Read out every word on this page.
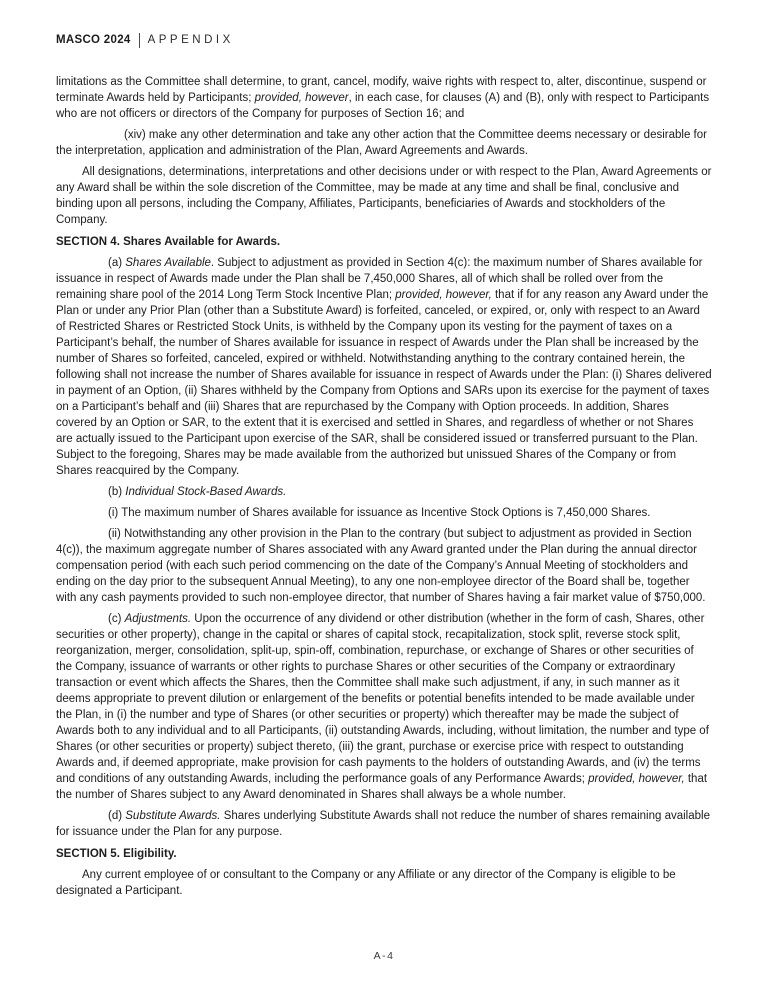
MASCO 2024 APPENDIX

limitations as the Committee shall determine, to grant, cancel, modify, waive rights with respect to, alter, discontinue, suspend or terminate Awards held by Participants; provided, however, in each case, for clauses (A) and (B), only with respect to Participants who are not officers or directors of the Company for purposes of Section 16; and

(xiv) make any other determination and take any other action that the Committee deems necessary or desirable for the interpretation, application and administration of the Plan, Award Agreements and Awards.

All designations, determinations, interpretations and other decisions under or with respect to the Plan, Award Agreements or any Award shall be within the sole discretion of the Committee, may be made at any time and shall be final, conclusive and binding upon all persons, including the Company, Affiliates, Participants, beneficiaries of Awards and stockholders of the Company.

SECTION 4. Shares Available for Awards.

(a) Shares Available. Subject to adjustment as provided in Section 4(c): the maximum number of Shares available for issuance in respect of Awards made under the Plan shall be 7,450,000 Shares, all of which shall be rolled over from the remaining share pool of the 2014 Long Term Stock Incentive Plan; provided, however, that if for any reason any Award under the Plan or under any Prior Plan (other than a Substitute Award) is forfeited, canceled, or expired, or, only with respect to an Award of Restricted Shares or Restricted Stock Units, is withheld by the Company upon its vesting for the payment of taxes on a Participant’s behalf, the number of Shares available for issuance in respect of Awards under the Plan shall be increased by the number of Shares so forfeited, canceled, expired or withheld. Notwithstanding anything to the contrary contained herein, the following shall not increase the number of Shares available for issuance in respect of Awards under the Plan: (i) Shares delivered in payment of an Option, (ii) Shares withheld by the Company from Options and SARs upon its exercise for the payment of taxes on a Participant’s behalf and (iii) Shares that are repurchased by the Company with Option proceeds. In addition, Shares covered by an Option or SAR, to the extent that it is exercised and settled in Shares, and regardless of whether or not Shares are actually issued to the Participant upon exercise of the SAR, shall be considered issued or transferred pursuant to the Plan. Subject to the foregoing, Shares may be made available from the authorized but unissued Shares of the Company or from Shares reacquired by the Company.

(b) Individual Stock-Based Awards.

(i) The maximum number of Shares available for issuance as Incentive Stock Options is 7,450,000 Shares.

(ii) Notwithstanding any other provision in the Plan to the contrary (but subject to adjustment as provided in Section 4(c)), the maximum aggregate number of Shares associated with any Award granted under the Plan during the annual director compensation period (with each such period commencing on the date of the Company’s Annual Meeting of stockholders and ending on the day prior to the subsequent Annual Meeting), to any one non-employee director of the Board shall be, together with any cash payments provided to such non-employee director, that number of Shares having a fair market value of $750,000.

(c) Adjustments. Upon the occurrence of any dividend or other distribution (whether in the form of cash, Shares, other securities or other property), change in the capital or shares of capital stock, recapitalization, stock split, reverse stock split, reorganization, merger, consolidation, split-up, spin-off, combination, repurchase, or exchange of Shares or other securities of the Company, issuance of warrants or other rights to purchase Shares or other securities of the Company or extraordinary transaction or event which affects the Shares, then the Committee shall make such adjustment, if any, in such manner as it deems appropriate to prevent dilution or enlargement of the benefits or potential benefits intended to be made available under the Plan, in (i) the number and type of Shares (or other securities or property) which thereafter may be made the subject of Awards both to any individual and to all Participants, (ii) outstanding Awards, including, without limitation, the number and type of Shares (or other securities or property) subject thereto, (iii) the grant, purchase or exercise price with respect to outstanding Awards and, if deemed appropriate, make provision for cash payments to the holders of outstanding Awards, and (iv) the terms and conditions of any outstanding Awards, including the performance goals of any Performance Awards; provided, however, that the number of Shares subject to any Award denominated in Shares shall always be a whole number.

(d) Substitute Awards. Shares underlying Substitute Awards shall not reduce the number of shares remaining available for issuance under the Plan for any purpose.

SECTION 5. Eligibility.

Any current employee of or consultant to the Company or any Affiliate or any director of the Company is eligible to be designated a Participant.

A-4
